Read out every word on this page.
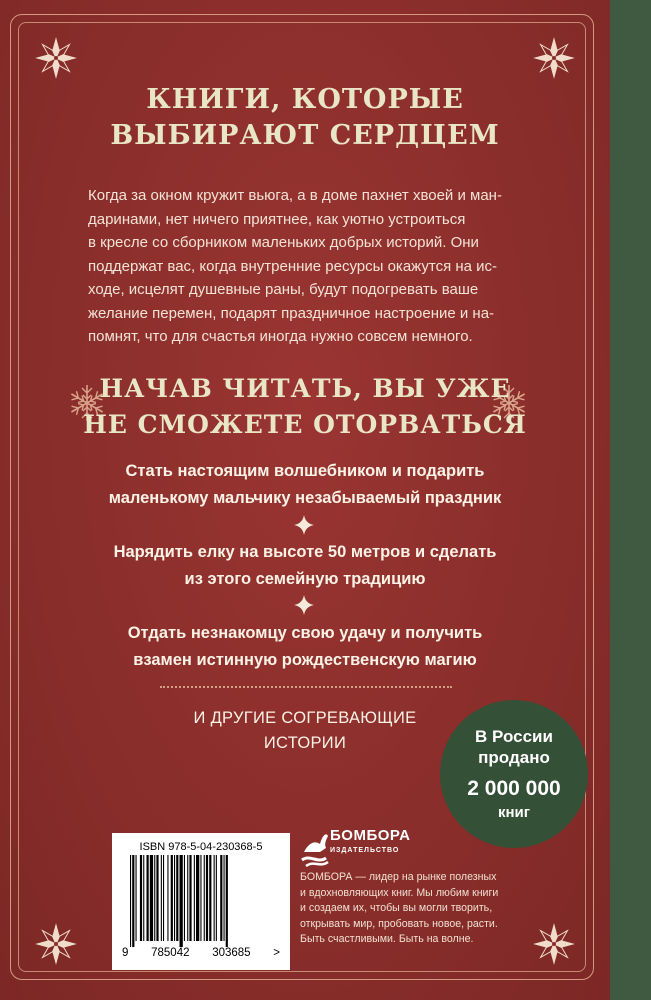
КНИГИ, КОТОРЫЕ
ВЫБИРАЮТ СЕРДЦЕМ
Когда за окном кружит вьюга, а в доме пахнет хвоей и ман-
даринами, нет ничего приятнее, как уютно устроиться
в кресле со сборником маленьких добрых историй. Они
поддержат вас, когда внутренние ресурсы окажутся на ис-
ходе, исцелят душевные раны, будут подогревать ваше
желание перемен, подарят праздничное настроение и на-
помнят, что для счастья иногда нужно совсем немного.
НАЧАВ ЧИТАТЬ, ВЫ УЖЕ
НЕ СМОЖЕТЕ ОТОРВАТЬСЯ
Стать настоящим волшебником и подарить
маленькому мальчику незабываемый праздник
Нарядить елку на высоте 50 метров и сделать
из этого семейную традицию
Отдать незнакомцу свою удачу и получить
взамен истинную рождественскую магию
И ДРУГИЕ СОГРЕВАЮЩИЕ
ИСТОРИИ	В России
продано
2 000 000
книг
ISBN 978-5-04-230368-5
9 785042 303685 >
БОМБОРА
ИЗДАТЕЛЬСТВО
БОМБОРА — лидер на рынке полезных
и вдохновляющих книг. Мы любим книги
и создаем их, чтобы вы могли творить,
открывать мир, пробовать новое, расти.
Быть счастливыми. Быть на волне.
